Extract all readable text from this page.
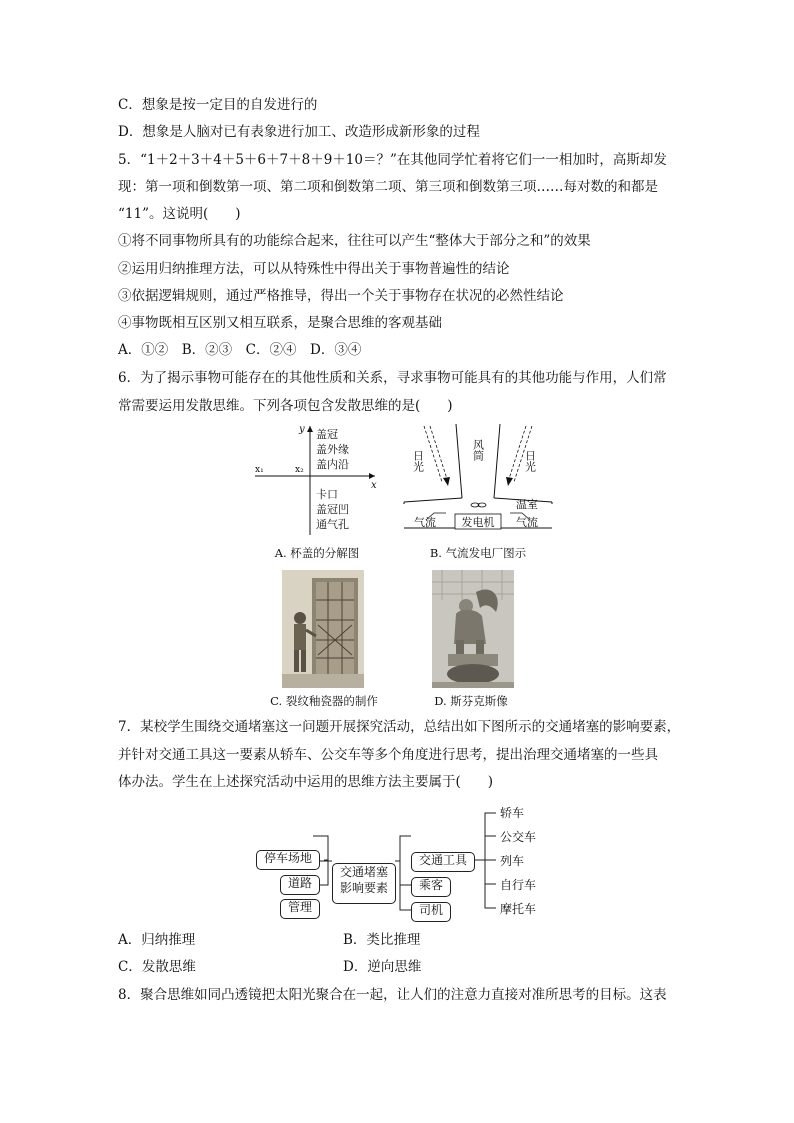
C．想象是按一定目的自发进行的
D．想象是人脑对已有表象进行加工、改造形成新形象的过程
5．“1＋2＋3＋4＋5＋6＋7＋8＋9＋10＝？”在其他同学忙着将它们一一相加时，高斯却发
现：第一项和倒数第一项、第二项和倒数第二项、第三项和倒数第三项……每对数的和都是
“11”。这说明(　　)
①将不同事物所具有的功能综合起来，往往可以产生“整体大于部分之和”的效果
②运用归纳推理方法，可以从特殊性中得出关于事物普遍性的结论
③依据逻辑规则，通过严格推导，得出一个关于事物存在状况的必然性结论
④事物既相互区别又相互联系，是聚合思维的客观基础
A．①②　B．②③　C．②④　D．③④
6．为了揭示事物可能存在的其他性质和关系，寻求事物可能具有的其他功能与作用，人们常
常需要运用发散思维。下列各项包含发散思维的是(　　)
y
x
x₁	x₂
盖冠
盖外缘
盖内沿
卡口
盖冠凹
通气孔
A. 杯盖的分解图
日光	日光
风筒
温室
气流 发电机 气流
B. 气流发电厂图示
C. 裂纹釉瓷器的制作	D. 斯芬克斯像
7．某校学生围绕交通堵塞这一问题开展探究活动，总结出如下图所示的交通堵塞的影响要素，
并针对交通工具这一要素从轿车、公交车等多个角度进行思考，提出治理交通堵塞的一些具
体办法。学生在上述探究活动中运用的思维方法主要属于(　　)
停车场地
道路
管理
交通堵塞
影响要素
交通工具
乘客
司机
轿车
公交车
列车
自行车
摩托车
A．归纳推理	B．类比推理
C．发散思维	D．逆向思维
8．聚合思维如同凸透镜把太阳光聚合在一起，让人们的注意力直接对准所思考的目标。这表
